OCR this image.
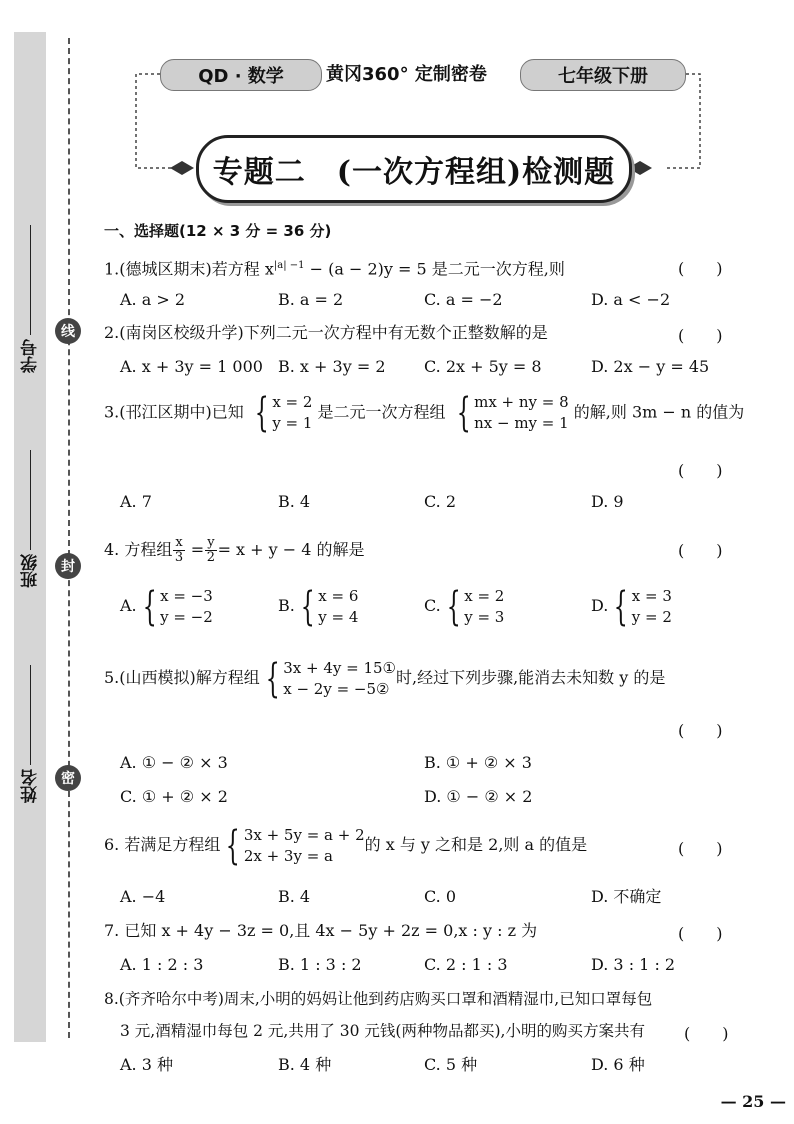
学号
班级
姓名
线
封
密
QD · 数学	黄冈360° 定制密卷	七年级下册
专题二　(一次方程组)检测题
一、选择题(12 × 3 分 = 36 分)
1.(德城区期末)若方程 $x^{|a| -1} - (a - 2)y = 5$ 是二元一次方程,则	(　　)
A. a > 2	B. a = 2	C. a = −2	D. a < −2
2.(南岗区校级升学)下列二元一次方程中有无数个正整数解的是	(　　)
A. x + 3y = 1 000 B. x + 3y = 2 C. 2x + 5y = 8	D. 2x − y = 45
3.(邗江区期中)已知 { x = 2
y = 1
是二元一次方程组 { mx + ny = 8
nx − my = 1
的解,则 3m − n 的值为
(　　)
A. 7	B. 4	C. 2	D. 9
4. 方程组 $\frac{x}{3} = \frac{y}{2} = x + y - 4$ 的解是	(　　)
A. { x = −3
y = −2
B. { x = 6
y = 4
C. { x = 2
y = 3
D. { x = 3
y = 2
5.(山西模拟)解方程组 { 3x + 4y = 15①
x − 2y = −5②
时,经过下列步骤,能消去未知数 y 的是
(　　)
A. ① − ② × 3	B. ① + ② × 3
C. ① + ② × 2	D. ① − ② × 2
6. 若满足方程组 { 3x + 5y = a + 2
2x + 3y = a
的 x 与 y 之和是 2,则 a 的值是	(　　)
A. −4	B. 4	C. 0	D. 不确定
7. 已知 x + 4y − 3z = 0,且 4x − 5y + 2z = 0,x : y : z 为	(　　)
A. 1 : 2 : 3	B. 1 : 3 : 2	C. 2 : 1 : 3	D. 3 : 1 : 2
8.(齐齐哈尔中考)周末,小明的妈妈让他到药店购买口罩和酒精湿巾,已知口罩每包
3 元,酒精湿巾每包 2 元,共用了 30 元钱(两种物品都买),小明的购买方案共有 (　　)
A. 3 种	B. 4 种	C. 5 种	D. 6 种
— 25 —
